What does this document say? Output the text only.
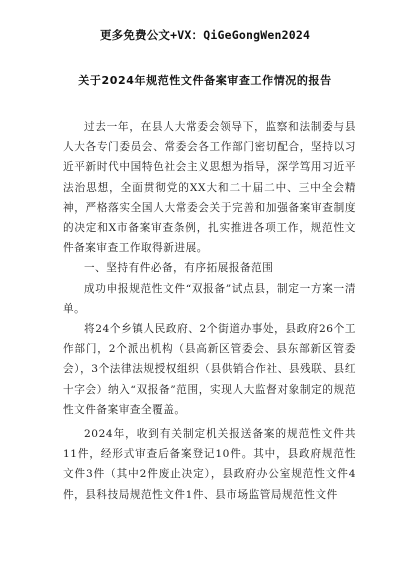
更多免费公文+VX：QiGeGongWen2024
关于2024年规范性文件备案审查工作情况的报告

过去一年，在县人大常委会领导下，监察和法制委与县人大各专门委员会、常委会各工作部门密切配合，坚持以习近平新时代中国特色社会主义思想为指导，深学笃用习近平法治思想，全面贯彻党的XX大和二十届二中、三中全会精神，严格落实全国人大常委会关于完善和加强备案审查制度的决定和X市备案审查条例，扎实推进各项工作，规范性文件备案审查工作取得新进展。

一、坚持有件必备，有序拓展报备范围

成功申报规范性文件“双报备”试点县，制定一方案一清单。

将24个乡镇人民政府、2个街道办事处，县政府26个工作部门，2个派出机构（县高新区管委会、县东部新区管委会），3个法律法规授权组织（县供销合作社、县残联、县红十字会）纳入“双报备”范围，实现人大监督对象制定的规范性文件备案审查全覆盖。

2024年，收到有关制定机关报送备案的规范性文件共11件，经形式审查后备案登记10件。其中，县政府规范性文件3件（其中2件废止决定），县政府办公室规范性文件4件，县科技局规范性文件1件、县市场监管局规范性文件
